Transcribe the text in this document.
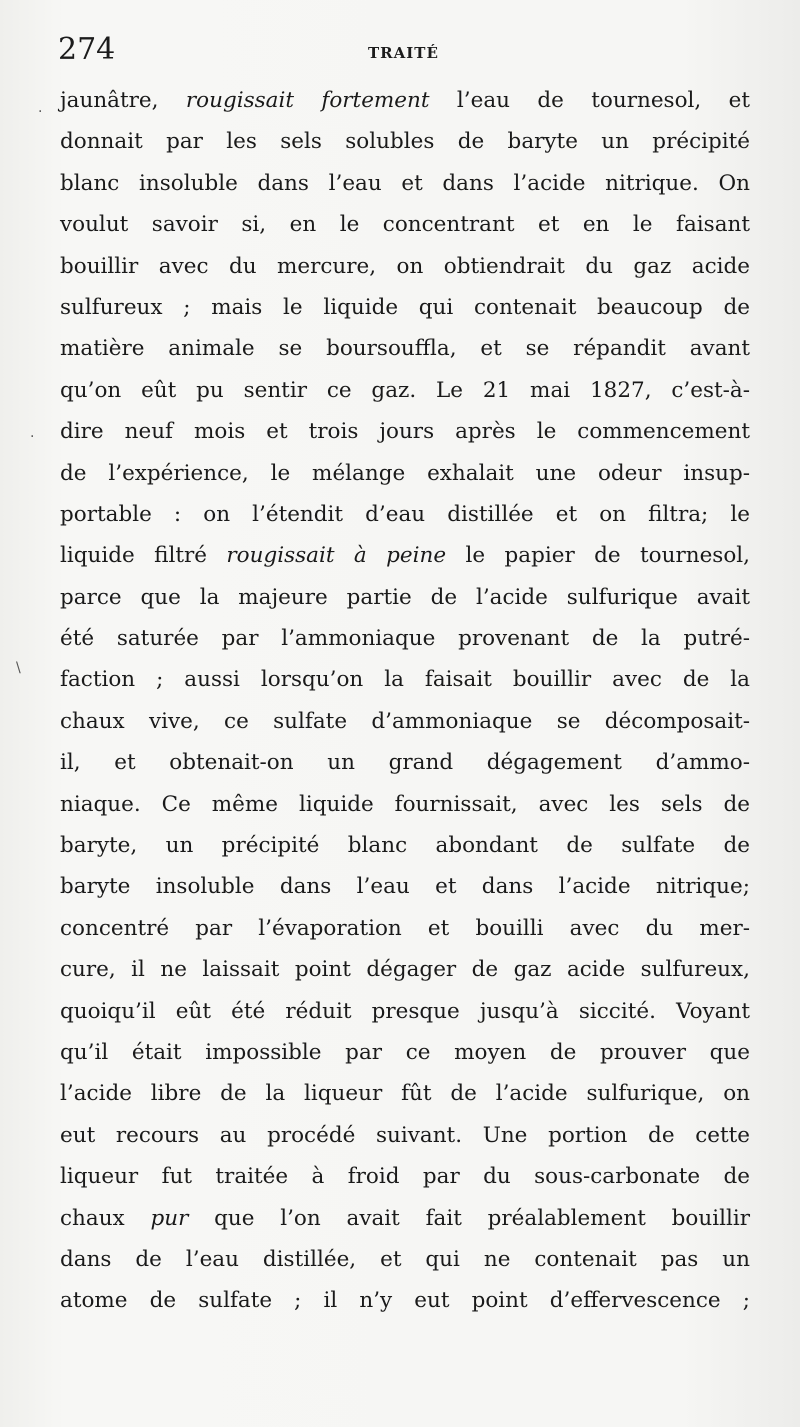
274	TRAITÉ
jaunâtre, rougissait fortement l’eau de tournesol, et
donnait par les sels solubles de baryte un précipité
blanc insoluble dans l’eau et dans l’acide nitrique. On
voulut savoir si, en le concentrant et en le faisant
bouillir avec du mercure, on obtiendrait du gaz acide
sulfureux ; mais le liquide qui contenait beaucoup de
matière animale se boursouffla, et se répandit avant
qu’on eût pu sentir ce gaz. Le 21 mai 1827, c’est-à-
dire neuf mois et trois jours après le commencement
de l’expérience, le mélange exhalait une odeur insup-
portable : on l’étendit d’eau distillée et on filtra; le
liquide filtré rougissait à peine le papier de tournesol,
parce que la majeure partie de l’acide sulfurique avait
été saturée par l’ammoniaque provenant de la putré-
faction ; aussi lorsqu’on la faisait bouillir avec de la
chaux vive, ce sulfate d’ammoniaque se décomposait-
il, et obtenait-on un grand dégagement d’ammo-
niaque. Ce même liquide fournissait, avec les sels de
baryte, un précipité blanc abondant de sulfate de
baryte insoluble dans l’eau et dans l’acide nitrique;
concentré par l’évaporation et bouilli avec du mer-
cure, il ne laissait point dégager de gaz acide sulfureux,
quoiqu’il eût été réduit presque jusqu’à siccité. Voyant
qu’il était impossible par ce moyen de prouver que
l’acide libre de la liqueur fût de l’acide sulfurique, on
eut recours au procédé suivant. Une portion de cette
liqueur fut traitée à froid par du sous-carbonate de
chaux pur que l’on avait fait préalablement bouillir
dans de l’eau distillée, et qui ne contenait pas un
atome de sulfate ; il n’y eut point d’effervescence ;
.
.
\
